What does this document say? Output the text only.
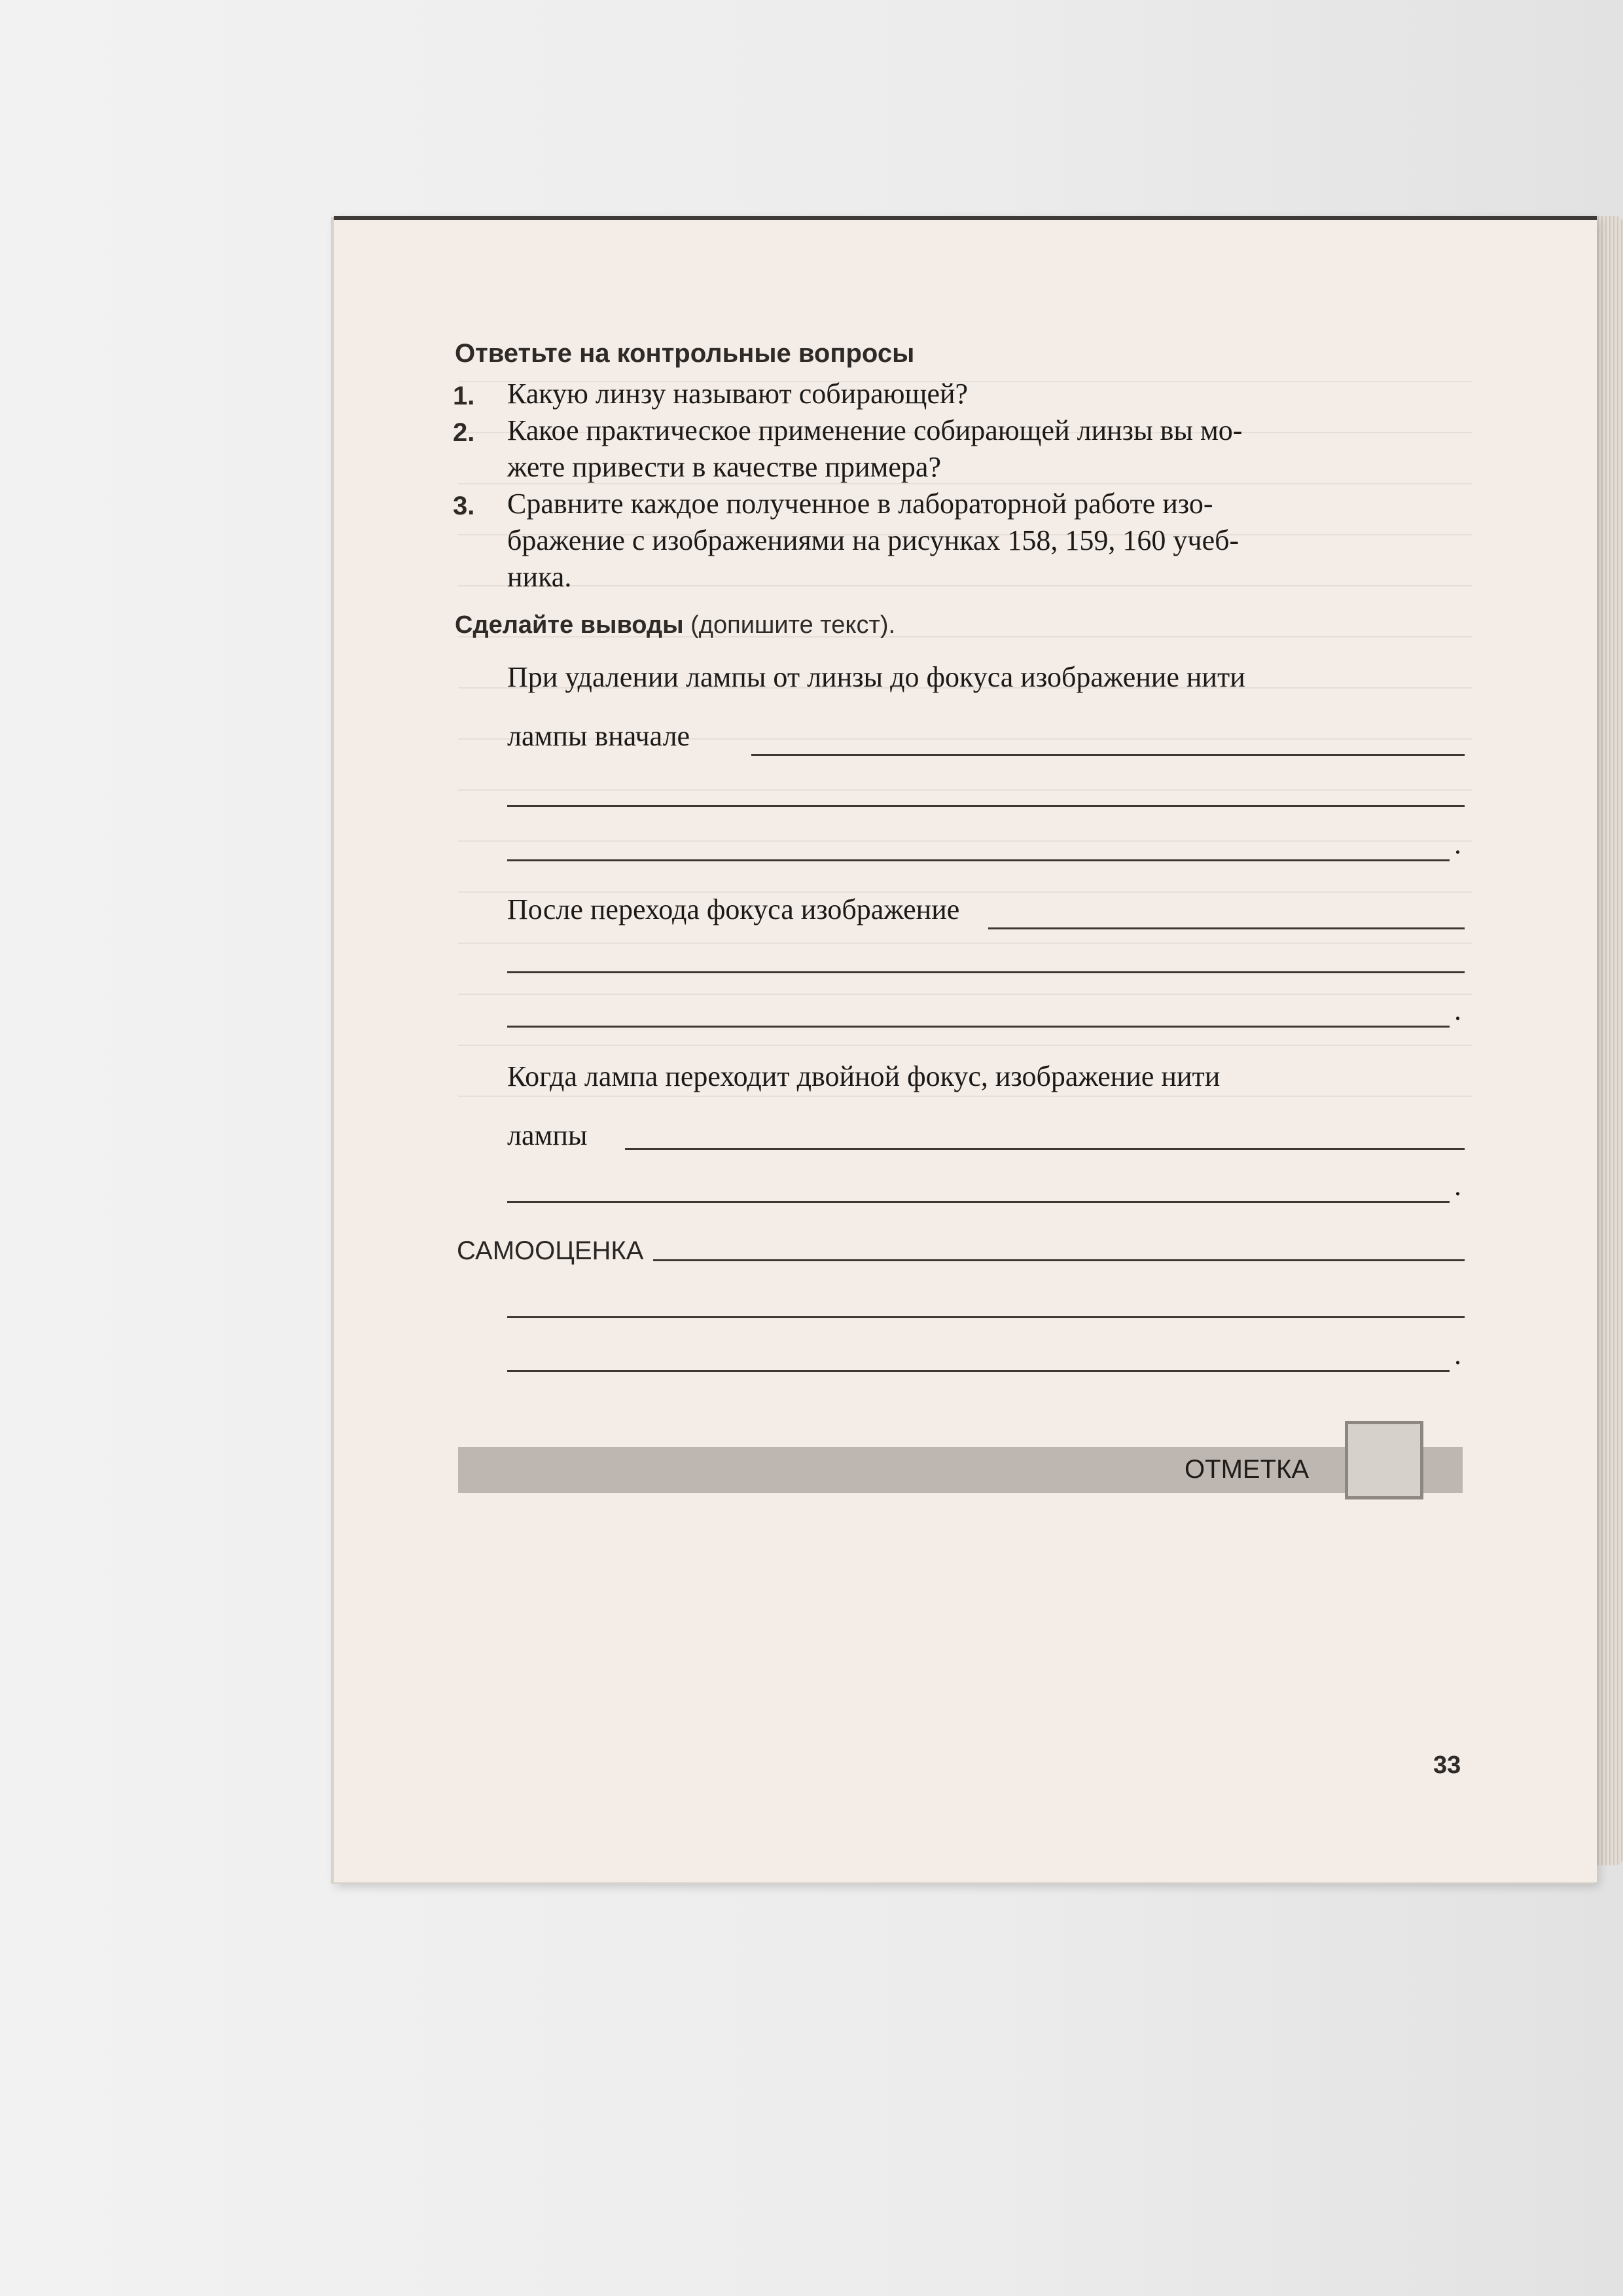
Ответьте на контрольные вопросы
1. Какую линзу называют собирающей?
2. Какое практическое применение собирающей линзы вы мо-
жете привести в качестве примера?
3. Сравните каждое полученное в лабораторной работе изо-
бражение с изображениями на рисунках 158, 159, 160 учеб-
ника.
Сделайте выводы (допишите текст).
При удалении лампы от линзы до фокуса изображение нити
лампы вначале
.
После перехода фокуса изображение
.
Когда лампа переходит двойной фокус, изображение нити
лампы
.
САМООЦЕНКА
.
ОТМЕТКА
33
